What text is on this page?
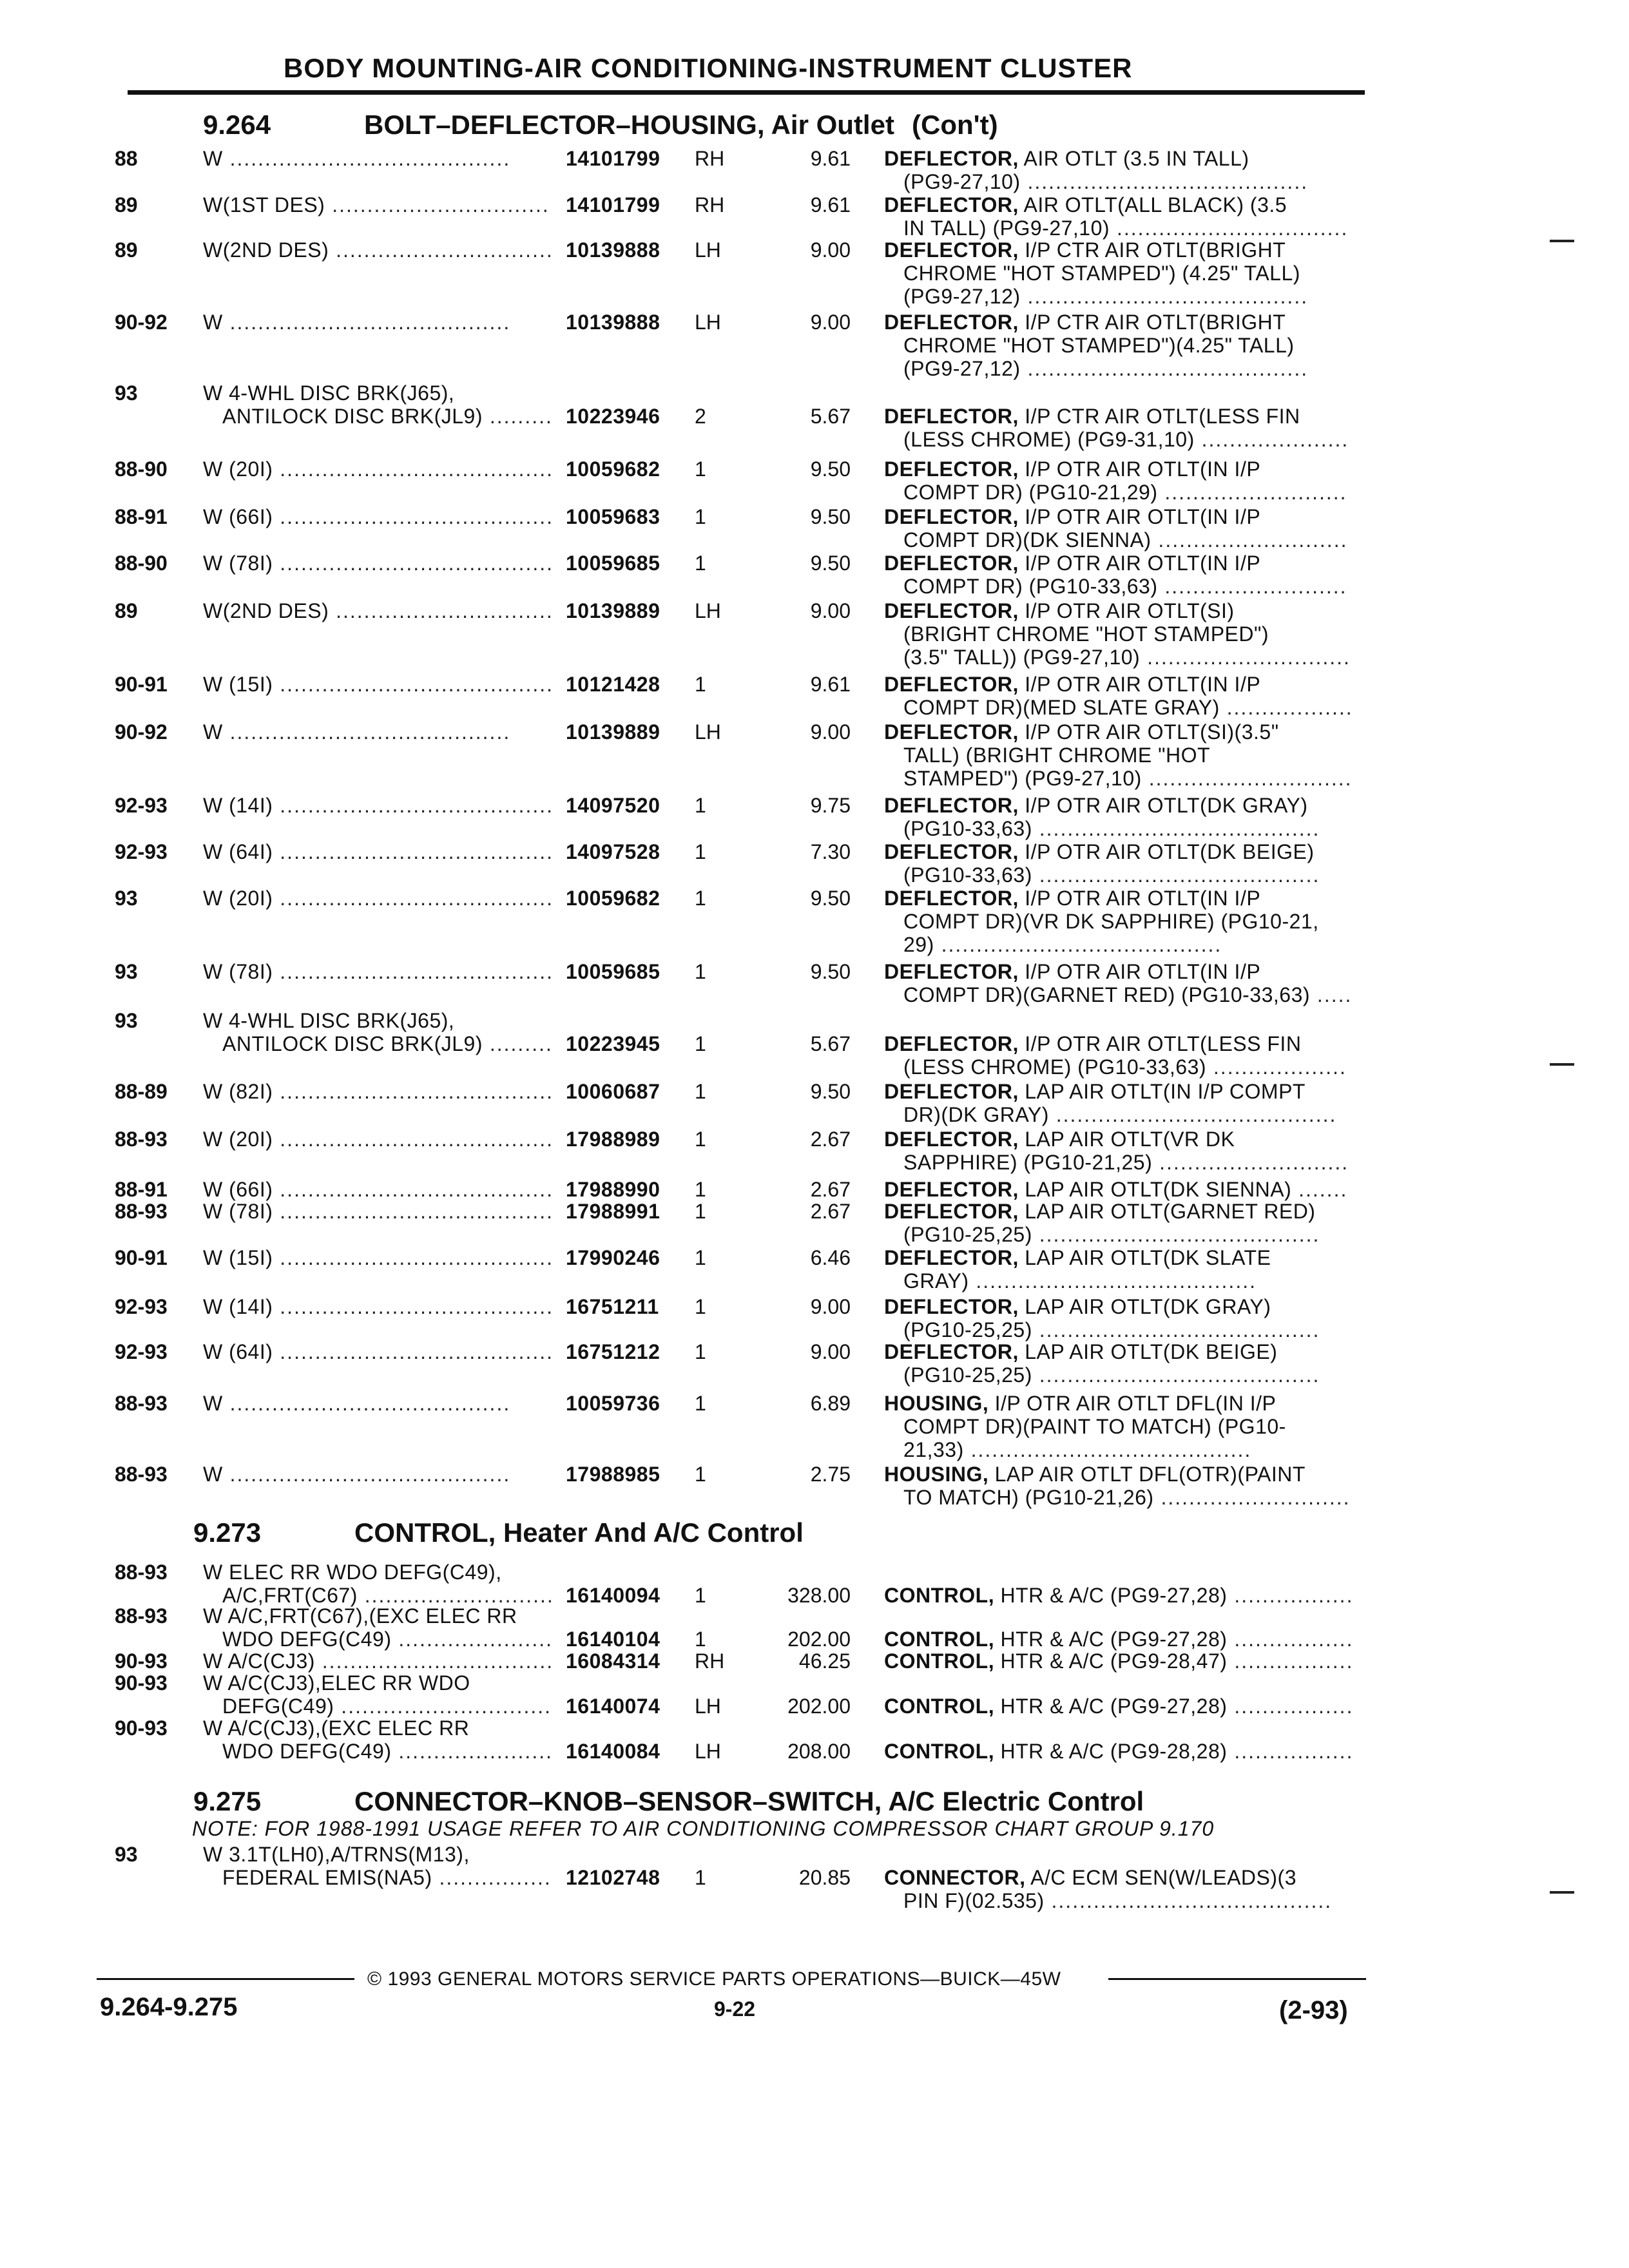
BODY MOUNTING-AIR CONDITIONING-INSTRUMENT CLUSTER
9.264	BOLT–DEFLECTOR–HOUSING, Air Outlet (Con't)
9.273	CONTROL, Heater And A/C Control
9.275	CONNECTOR–KNOB–SENSOR–SWITCH, A/C Electric Control
NOTE: FOR 1988-1991 USAGE REFER TO AIR CONDITIONING COMPRESSOR CHART GROUP 9.170
88	W ........................................	14101799 RH	9.61 DEFLECTOR, AIR OTLT (3.5 IN TALL)
(PG9-27,10) ........................................
89	W(1ST DES) ............................... 14101799 RH	9.61 DEFLECTOR, AIR OTLT(ALL BLACK) (3.5
IN TALL) (PG9-27,10) .................................
89	W(2ND DES) ............................... 10139888 LH	9.00 DEFLECTOR, I/P CTR AIR OTLT(BRIGHT
CHROME "HOT STAMPED") (4.25" TALL)
(PG9-27,12) ........................................
90-92 W ........................................	10139888 LH	9.00 DEFLECTOR, I/P CTR AIR OTLT(BRIGHT
CHROME "HOT STAMPED")(4.25" TALL)
(PG9-27,12) ........................................
93	W 4-WHL DISC BRK(J65),
ANTILOCK DISC BRK(JL9) ......... 10223946 2	5.67 DEFLECTOR, I/P CTR AIR OTLT(LESS FIN
(LESS CHROME) (PG9-31,10) .....................
88-90 W (20I) ....................................... 10059682 1	9.50 DEFLECTOR, I/P OTR AIR OTLT(IN I/P
COMPT DR) (PG10-21,29) ..........................
88-91 W (66I) ....................................... 10059683 1	9.50 DEFLECTOR, I/P OTR AIR OTLT(IN I/P
COMPT DR)(DK SIENNA) ...........................
88-90 W (78I) ....................................... 10059685 1	9.50 DEFLECTOR, I/P OTR AIR OTLT(IN I/P
COMPT DR) (PG10-33,63) ..........................
89	W(2ND DES) ............................... 10139889 LH	9.00 DEFLECTOR, I/P OTR AIR OTLT(SI)
(BRIGHT CHROME "HOT STAMPED")
(3.5" TALL)) (PG9-27,10) .............................
90-91 W (15I) ....................................... 10121428 1	9.61 DEFLECTOR, I/P OTR AIR OTLT(IN I/P
COMPT DR)(MED SLATE GRAY) ..................
90-92 W ........................................	10139889 LH	9.00 DEFLECTOR, I/P OTR AIR OTLT(SI)(3.5"
TALL) (BRIGHT CHROME "HOT
STAMPED") (PG9-27,10) .............................
92-93 W (14I) ....................................... 14097520 1	9.75 DEFLECTOR, I/P OTR AIR OTLT(DK GRAY)
(PG10-33,63) ........................................
92-93 W (64I) ....................................... 14097528 1	7.30 DEFLECTOR, I/P OTR AIR OTLT(DK BEIGE)
(PG10-33,63) ........................................
93	W (20I) ....................................... 10059682 1	9.50 DEFLECTOR, I/P OTR AIR OTLT(IN I/P
COMPT DR)(VR DK SAPPHIRE) (PG10-21,
29) ........................................
93	W (78I) ....................................... 10059685 1	9.50 DEFLECTOR, I/P OTR AIR OTLT(IN I/P
COMPT DR)(GARNET RED) (PG10-33,63) .....
93	W 4-WHL DISC BRK(J65),
ANTILOCK DISC BRK(JL9) ......... 10223945 1	5.67 DEFLECTOR, I/P OTR AIR OTLT(LESS FIN
(LESS CHROME) (PG10-33,63) ...................
88-89 W (82I) ....................................... 10060687 1	9.50 DEFLECTOR, LAP AIR OTLT(IN I/P COMPT
DR)(DK GRAY) ........................................
88-93 W (20I) ....................................... 17988989 1	2.67 DEFLECTOR, LAP AIR OTLT(VR DK
SAPPHIRE) (PG10-21,25) ...........................
88-91 W (66I) ....................................... 17988990 1	2.67 DEFLECTOR, LAP AIR OTLT(DK SIENNA) .......
88-93 W (78I) ....................................... 17988991 1	2.67 DEFLECTOR, LAP AIR OTLT(GARNET RED)
(PG10-25,25) ........................................
90-91 W (15I) ....................................... 17990246 1	6.46 DEFLECTOR, LAP AIR OTLT(DK SLATE
GRAY) ........................................
92-93 W (14I) ....................................... 16751211 1	9.00 DEFLECTOR, LAP AIR OTLT(DK GRAY)
(PG10-25,25) ........................................
92-93 W (64I) ....................................... 16751212 1	9.00 DEFLECTOR, LAP AIR OTLT(DK BEIGE)
(PG10-25,25) ........................................
88-93 W ........................................	10059736 1	6.89 HOUSING, I/P OTR AIR OTLT DFL(IN I/P
COMPT DR)(PAINT TO MATCH) (PG10-
21,33) ........................................
88-93 W ........................................	17988985 1	2.75 HOUSING, LAP AIR OTLT DFL(OTR)(PAINT
TO MATCH) (PG10-21,26) ...........................
88-93 W ELEC RR WDO DEFG(C49),
A/C,FRT(C67) ........................... 16140094 1	328.00 CONTROL, HTR & A/C (PG9-27,28) .................
88-93 W A/C,FRT(C67),(EXC ELEC RR
WDO DEFG(C49) ...................... 16140104 1	202.00 CONTROL, HTR & A/C (PG9-27,28) .................
90-93 W A/C(CJ3) ................................. 16084314 RH	46.25 CONTROL, HTR & A/C (PG9-28,47) .................
90-93 W A/C(CJ3),ELEC RR WDO
DEFG(C49) .............................. 16140074 LH	202.00 CONTROL, HTR & A/C (PG9-27,28) .................
90-93 W A/C(CJ3),(EXC ELEC RR
WDO DEFG(C49) ...................... 16140084 LH	208.00 CONTROL, HTR & A/C (PG9-28,28) .................
93	W 3.1T(LH0),A/TRNS(M13),
FEDERAL EMIS(NA5) ................ 12102748 1	20.85 CONNECTOR, A/C ECM SEN(W/LEADS)(3
PIN F)(02.535) ........................................
© 1993 GENERAL MOTORS SERVICE PARTS OPERATIONS—BUICK—45W
9.264-9.275	9-22	(2-93)
